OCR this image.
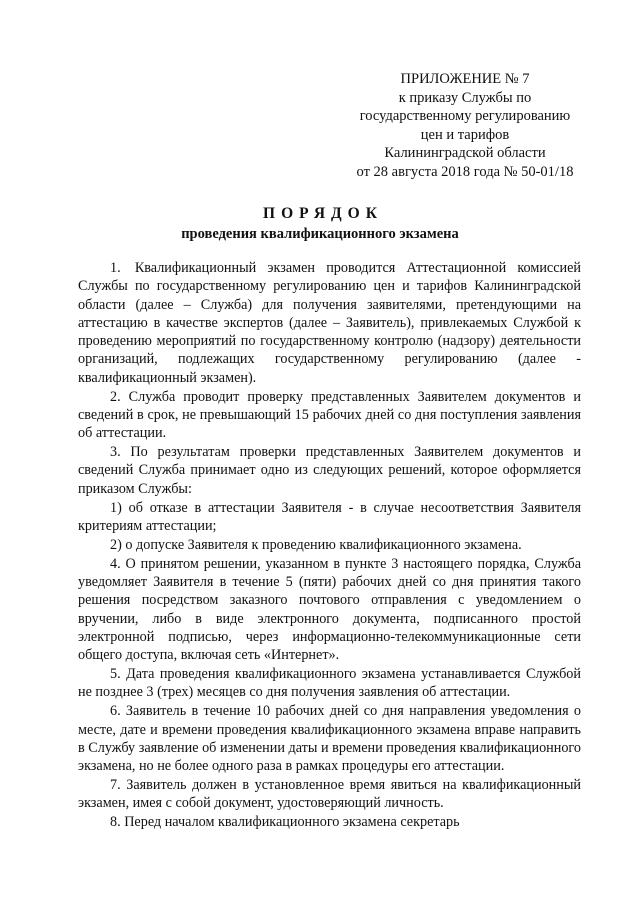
ПРИЛОЖЕНИЕ № 7
к приказу Службы по
государственному регулированию
цен и тарифов
Калининградской области
от 28 августа 2018 года № 50-01/18
ПОРЯДОК
проведения квалификационного экзамена

1. Квалификационный экзамен проводится Аттестационной комиссией Службы по государственному регулированию цен и тарифов Калининградской области (далее – Служба) для получения заявителями, претендующими на аттестацию в качестве экспертов (далее – Заявитель), привлекаемых Службой к проведению мероприятий по государственному контролю (надзору) деятельности организаций, подлежащих государственному регулированию (далее - квалификационный экзамен).

2. Служба проводит проверку представленных Заявителем документов и сведений в срок, не превышающий 15 рабочих дней со дня поступления заявления об аттестации.

3. По результатам проверки представленных Заявителем документов и сведений Служба принимает одно из следующих решений, которое оформляется приказом Службы:

1) об отказе в аттестации Заявителя - в случае несоответствия Заявителя критериям аттестации;

2) о допуске Заявителя к проведению квалификационного экзамена.

4. О принятом решении, указанном в пункте 3 настоящего порядка, Служба уведомляет Заявителя в течение 5 (пяти) рабочих дней со дня принятия такого решения посредством заказного почтового отправления с уведомлением о вручении, либо в виде электронного документа, подписанного простой электронной подписью, через информационно-телекоммуникационные сети общего доступа, включая сеть «Интернет».

5. Дата проведения квалификационного экзамена устанавливается Службой не позднее 3 (трех) месяцев со дня получения заявления об аттестации.

6. Заявитель в течение 10 рабочих дней со дня направления уведомления о месте, дате и времени проведения квалификационного экзамена вправе направить в Службу заявление об изменении даты и времени проведения квалификационного экзамена, но не более одного раза в рамках процедуры его аттестации.

7. Заявитель должен в установленное время явиться на квалификационный экзамен, имея с собой документ, удостоверяющий личность.

8. Перед началом квалификационного экзамена секретарь
